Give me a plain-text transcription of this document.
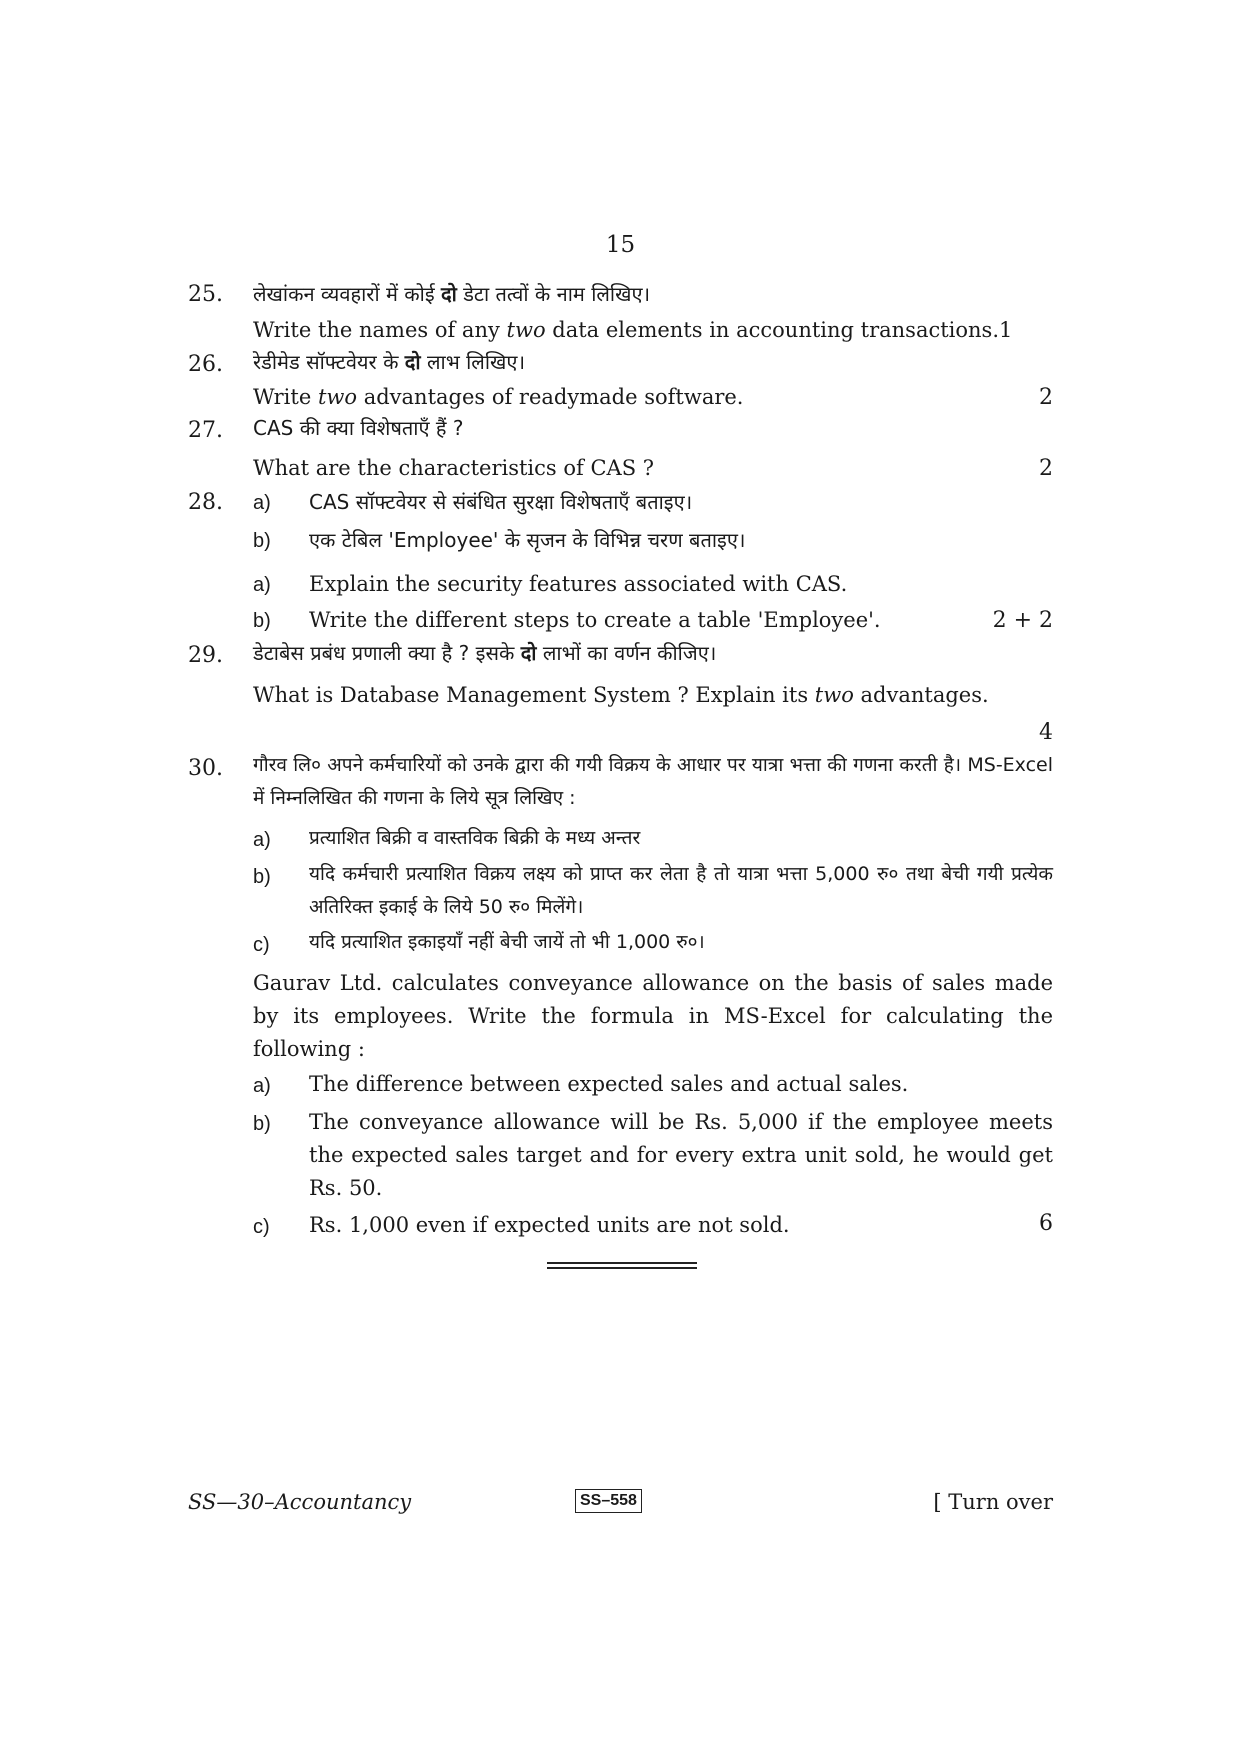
15
25. लेखांकन व्यवहारों में कोई दो डेटा तत्वों के नाम लिखिए।
Write the names of any two data elements in accounting transactions.1
26. रेडीमेड सॉफ्टवेयर के दो लाभ लिखिए।
Write two advantages of readymade software.	2
27. CAS की क्या विशेषताएँ हैं ?
What are the characteristics of CAS ?	2
28. a) CAS सॉफ्टवेयर से संबंधित सुरक्षा विशेषताएँ बताइए।
b) एक टेबिल 'Employee' के सृजन के विभिन्न चरण बताइए।
a) Explain the security features associated with CAS.
b) Write the different steps to create a table 'Employee'.	2 + 2
29. डेटाबेस प्रबंध प्रणाली क्या है ? इसके दो लाभों का वर्णन कीजिए।
What is Database Management System ? Explain its two advantages.
4
30. गौरव लि० अपने कर्मचारियों को उनके द्वारा की गयी विक्रय के आधार पर यात्रा भत्ता की गणना करती है। MS-Excel में निम्नलिखित की गणना के लिये सूत्र लिखिए :
a) प्रत्याशित बिक्री व वास्तविक बिक्री के मध्य अन्तर
b) यदि कर्मचारी प्रत्याशित विक्रय लक्ष्य को प्राप्त कर लेता है तो यात्रा भत्ता 5,000 रु० तथा बेची गयी प्रत्येक अतिरिक्त इकाई के लिये 50 रु० मिलेंगे।
c) यदि प्रत्याशित इकाइयाँ नहीं बेची जायें तो भी 1,000 रु०।
Gaurav Ltd. calculates conveyance allowance on the basis of sales made by its employees. Write the formula in MS-Excel for calculating the following :
a) The difference between expected sales and actual sales.
b) The conveyance allowance will be Rs. 5,000 if the employee meets the expected sales target and for every extra unit sold, he would get Rs. 50.
c) Rs. 1,000 even if expected units are not sold.	6
SS—30–Accountancy	SS–558	[ Turn over
